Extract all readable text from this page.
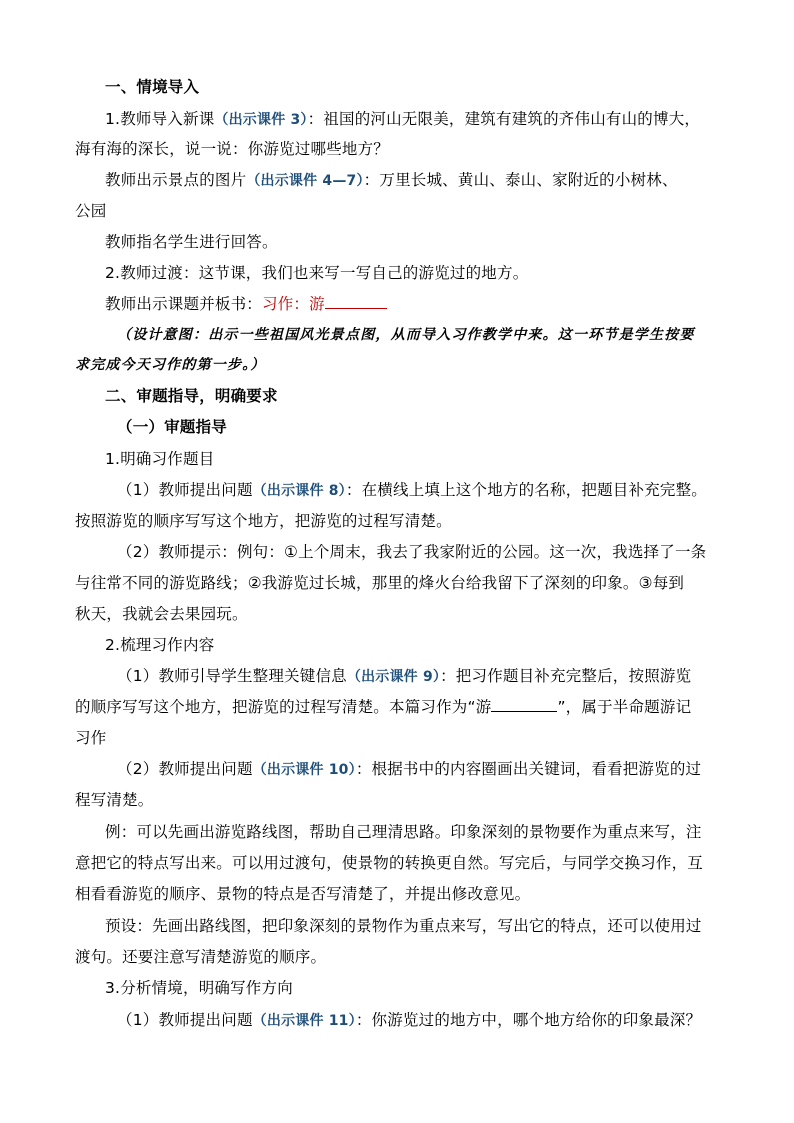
一、情境导入
1.教师导入新课（出示课件 3）：祖国的河山无限美，建筑有建筑的齐伟山有山的博大，
海有海的深长，说一说：你游览过哪些地方？
教师出示景点的图片（出示课件 4—7）：万里长城、黄山、泰山、家附近的小树林、
公园
教师指名学生进行回答。
2.教师过渡：这节课，我们也来写一写自己的游览过的地方。
教师出示课题并板书：习作：游
（设计意图：出示一些祖国风光景点图，从而导入习作教学中来。这一环节是学生按要
求完成今天习作的第一步。）
二、审题指导，明确要求
（一）审题指导
1.明确习作题目
（1）教师提出问题（出示课件 8）：在横线上填上这个地方的名称，把题目补充完整。
按照游览的顺序写写这个地方，把游览的过程写清楚。
（2）教师提示：例句：①上个周末，我去了我家附近的公园。这一次，我选择了一条
与往常不同的游览路线；②我游览过长城，那里的烽火台给我留下了深刻的印象。③每到
秋天，我就会去果园玩。
2.梳理习作内容
（1）教师引导学生整理关键信息（出示课件 9）：把习作题目补充完整后，按照游览
的顺序写写这个地方，把游览的过程写清楚。本篇习作为“游	”，属于半命题游记
习作
（2）教师提出问题（出示课件 10）：根据书中的内容圈画出关键词，看看把游览的过
程写清楚。
例：可以先画出游览路线图，帮助自己理清思路。印象深刻的景物要作为重点来写，注
意把它的特点写出来。可以用过渡句，使景物的转换更自然。写完后，与同学交换习作，互
相看看游览的顺序、景物的特点是否写清楚了，并提出修改意见。
预设：先画出路线图，把印象深刻的景物作为重点来写，写出它的特点，还可以使用过
渡句。还要注意写清楚游览的顺序。
3.分析情境，明确写作方向
（1）教师提出问题（出示课件 11）：你游览过的地方中，哪个地方给你的印象最深？
